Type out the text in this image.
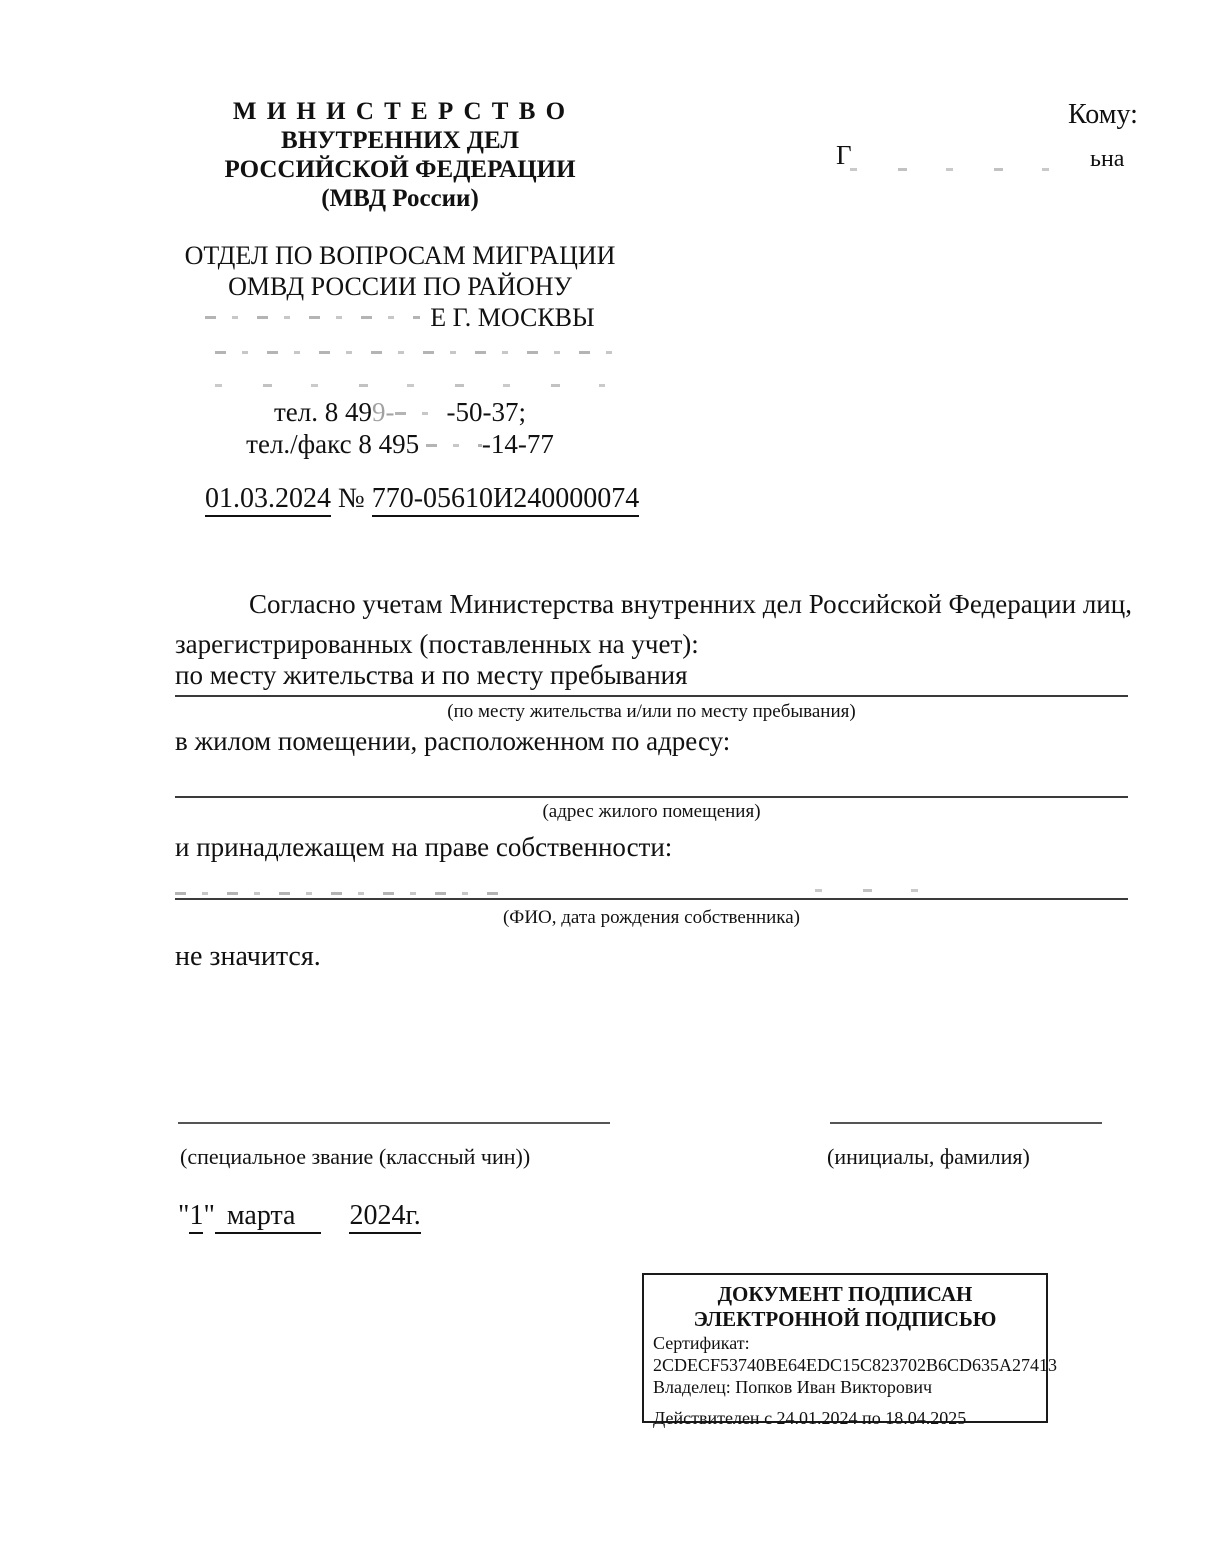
М И Н И С Т Е Р С Т В О
ВНУТРЕННИХ ДЕЛ
РОССИЙСКОЙ ФЕДЕРАЦИИ
(МВД России)
Кому:
Г	ьна
ОТДЕЛ ПО ВОПРОСАМ МИГРАЦИИ
ОМВД РОССИИ ПО РАЙОНУ
Е Г. МОСКВЫ
тел. 8 499- -50-37;
тел./факс 8 495 -14-77
01.03.2024 № 770-05610И240000074
Согласно учетам Министерства внутренних дел Российской Федерации лиц, зарегистрированных (поставленных на учет):
по месту жительства и по месту пребывания
(по месту жительства и/или по месту пребывания)
в жилом помещении, расположенном по адресу:
(адрес жилого помещения)
и принадлежащем на праве собственности:
(ФИО, дата рождения собственника)
не значится.
(специальное звание (классный чин))	(инициалы, фамилия)
"1" марта 2024г.
ДОКУМЕНТ ПОДПИСАН
ЭЛЕКТРОННОЙ ПОДПИСЬЮ
Сертификат:
2CDECF53740BE64EDC15C823702B6CD635A27413
Владелец: Попков Иван Викторович
Действителен с 24.01.2024 по 18.04.2025
